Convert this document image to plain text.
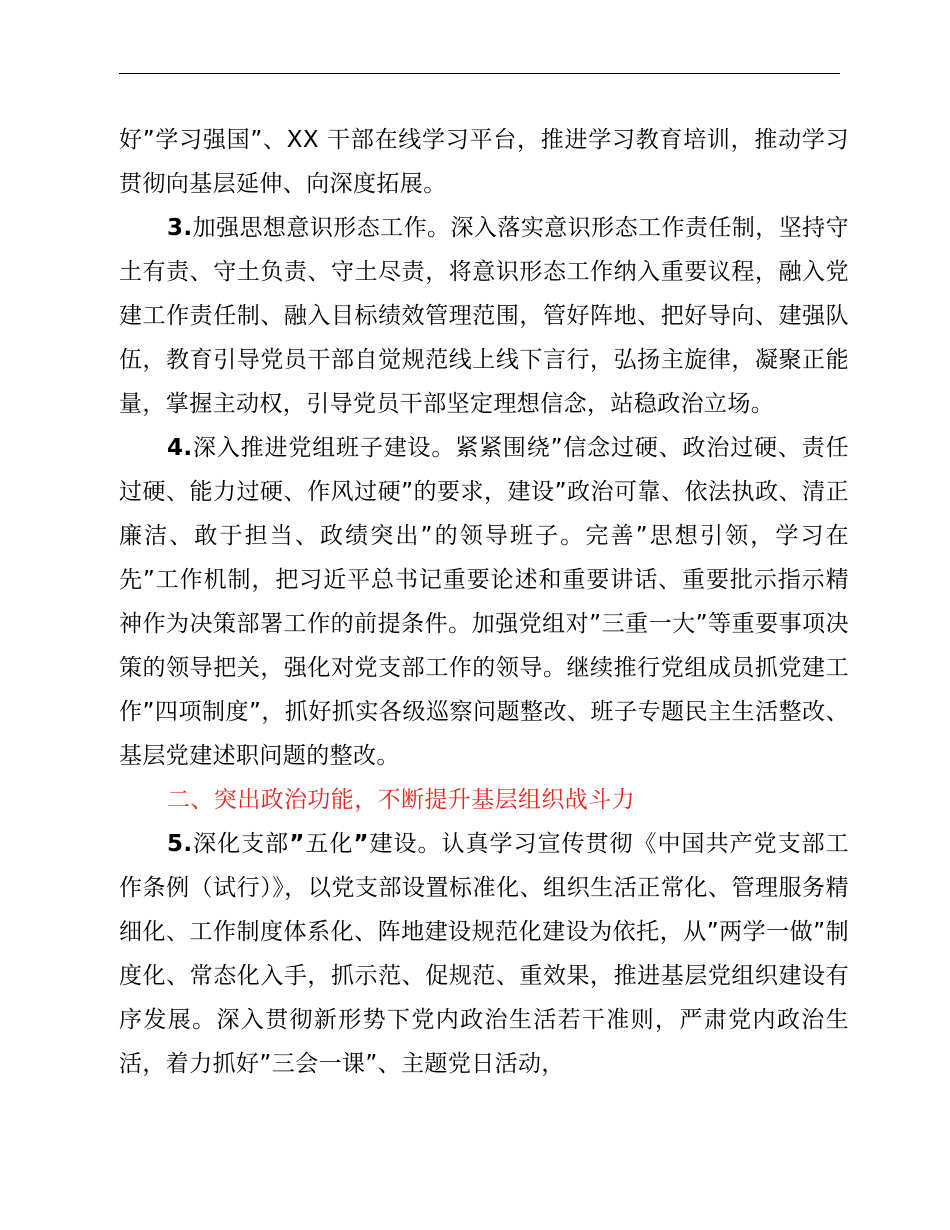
好”学习强国”、XX 干部在线学习平台，推进学习教育培训，推动学习贯彻向基层延伸、向深度拓展。

3.加强思想意识形态工作。深入落实意识形态工作责任制，坚持守土有责、守土负责、守土尽责，将意识形态工作纳入重要议程，融入党建工作责任制、融入目标绩效管理范围，管好阵地、把好导向、建强队伍，教育引导党员干部自觉规范线上线下言行，弘扬主旋律，凝聚正能量，掌握主动权，引导党员干部坚定理想信念，站稳政治立场。

4.深入推进党组班子建设。紧紧围绕”信念过硬、政治过硬、责任过硬、能力过硬、作风过硬”的要求，建设”政治可靠、依法执政、清正廉洁、敢于担当、政绩突出”的领导班子。完善”思想引领，学习在先”工作机制，把习近平总书记重要论述和重要讲话、重要批示指示精神作为决策部署工作的前提条件。加强党组对”三重一大”等重要事项决策的领导把关，强化对党支部工作的领导。继续推行党组成员抓党建工作”四项制度”，抓好抓实各级巡察问题整改、班子专题民主生活整改、基层党建述职问题的整改。

二、突出政治功能，不断提升基层组织战斗力

5.深化支部”五化”建设。认真学习宣传贯彻《中国共产党支部工作条例（试行）》，以党支部设置标准化、组织生活正常化、管理服务精细化、工作制度体系化、阵地建设规范化建设为依托，从”两学一做”制度化、常态化入手，抓示范、促规范、重效果，推进基层党组织建设有序发展。深入贯彻新形势下党内政治生活若干准则，严肃党内政治生活，着力抓好”三会一课”、主题党日活动，
